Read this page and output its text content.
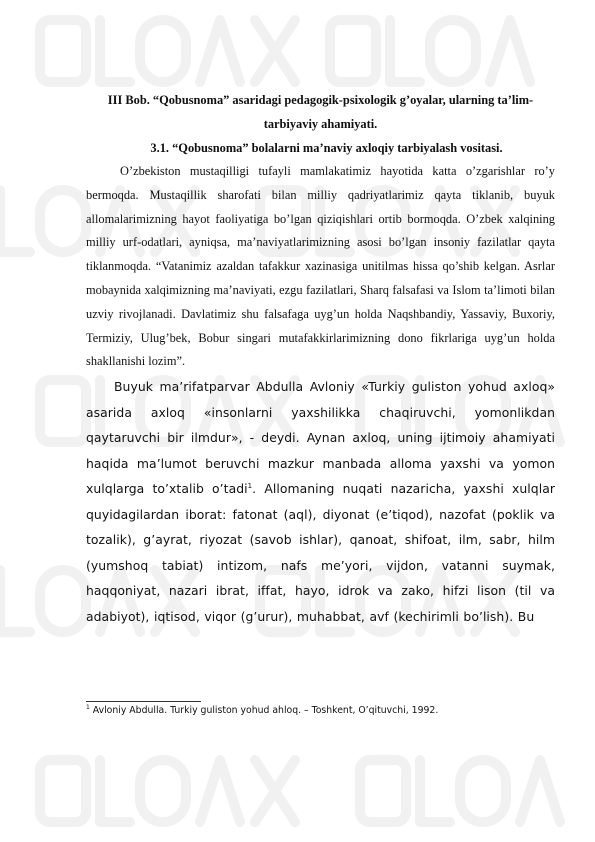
III Bob. “Qobusnoma” asaridagi pedagogik-psixologik g’oyalar, ularning ta’lim-tarbiyaviy ahamiyati.

3.1. “Qobusnoma” bolalarni ma’naviy axloqiy tarbiyalash vositasi.

O’zbekiston mustaqilligi tufayli mamlakatimiz hayotida katta o’zgarishlar ro’y bermoqda. Mustaqillik sharofati bilan milliy qadriyatlarimiz qayta tiklanib, buyuk allomalarimizning hayot faoliyatiga bo’lgan qiziqishlari ortib bormoqda. O’zbek xalqining milliy urf-odatlari, ayniqsa, ma’naviyatlarimizning asosi bo’lgan insoniy fazilatlar qayta tiklanmoqda. “Vatanimiz azaldan tafakkur xazinasiga unitilmas hissa qo’shib kelgan. Asrlar mobaynida xalqimizning ma’naviyati, ezgu fazilatlari, Sharq falsafasi va Islom ta’limoti bilan uzviy rivojlanadi. Davlatimiz shu falsafaga uyg’un holda Naqshbandiy, Yassaviy, Buxoriy, Termiziy, Ulug’bek, Bobur singari mutafakkirlarimizning dono fikrlariga uyg’un holda shakllanishi lozim”.

Buyuk ma’rifatparvar Abdulla Avloniy «Turkiy guliston yohud axloq» asarida axloq «insonlarni yaxshilikka chaqiruvchi, yomonlikdan qaytaruvchi bir ilmdur», - deydi. Aynan axloq, uning ijtimoiy ahamiyati haqida ma’lumot beruvchi mazkur manbada alloma yaxshi va yomon xulqlarga to’xtalib o’tadi$^1$. Allomaning nuqati nazaricha, yaxshi xulqlar quyidagilardan iborat: fatonat (aql), diyonat (e’tiqod), nazofat (poklik va tozalik), g’ayrat, riyozat (savob ishlar), qanoat, shifoat, ilm, sabr, hilm (yumshoq tabiat) intizom, nafs me’yori, vijdon, vatanni suymak, haqqoniyat, nazari ibrat, iffat, hayo, idrok va zako, hifzi lison (til va adabiyot), iqtisod, viqor (g’urur), muhabbat, avf (kechirimli bo’lish). Bu

$^1$ Avloniy Abdulla. Turkiy guliston yohud ahloq. – Toshkent, O’qituvchi, 1992.
